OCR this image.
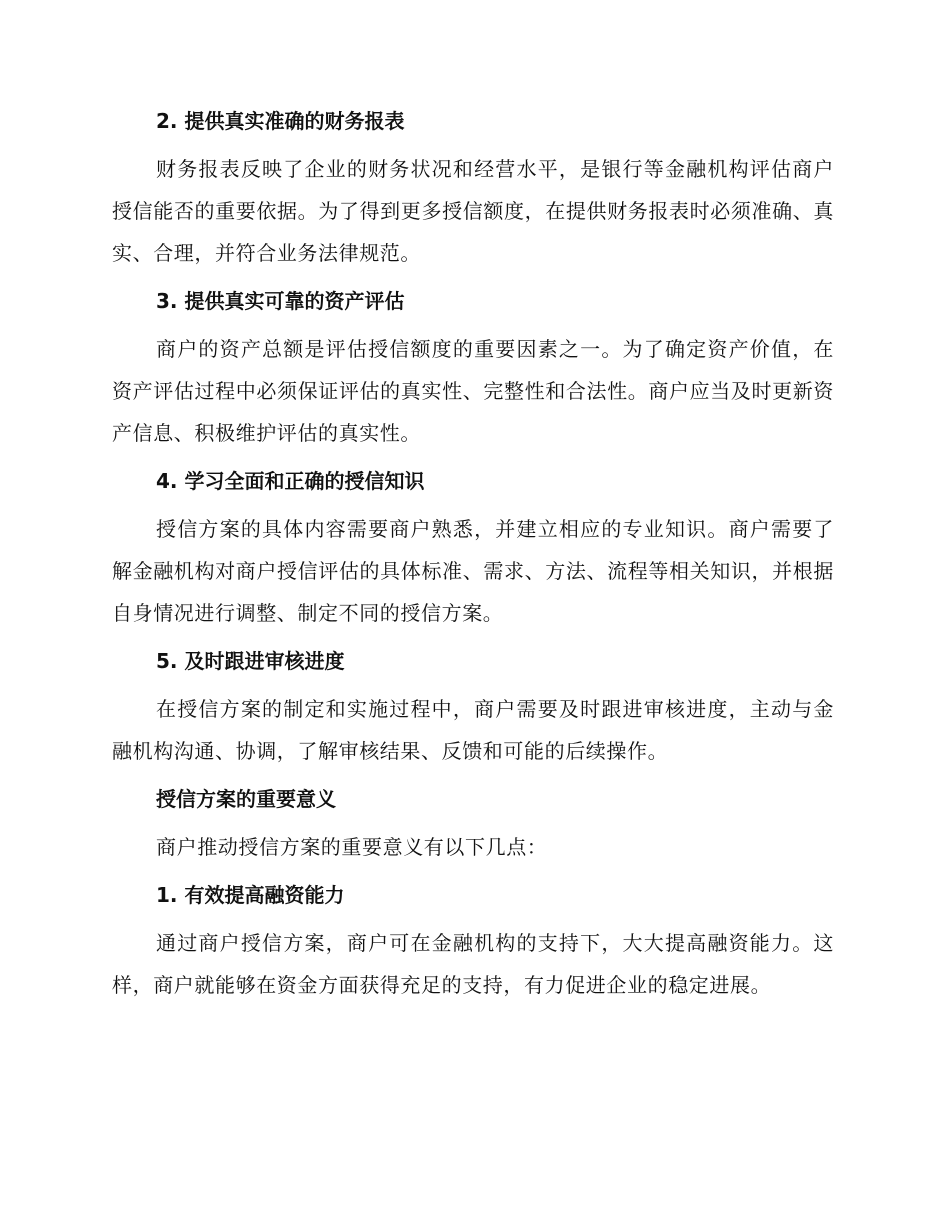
2. 提供真实准确的财务报表

财务报表反映了企业的财务状况和经营水平，是银行等金融机构评估商户授信能否的重要依据。为了得到更多授信额度，在提供财务报表时必须准确、真实、合理，并符合业务法律规范。

3. 提供真实可靠的资产评估

商户的资产总额是评估授信额度的重要因素之一。为了确定资产价值，在资产评估过程中必须保证评估的真实性、完整性和合法性。商户应当及时更新资产信息、积极维护评估的真实性。

4. 学习全面和正确的授信知识

授信方案的具体内容需要商户熟悉，并建立相应的专业知识。商户需要了解金融机构对商户授信评估的具体标准、需求、方法、流程等相关知识，并根据自身情况进行调整、制定不同的授信方案。

5. 及时跟进审核进度

在授信方案的制定和实施过程中，商户需要及时跟进审核进度，主动与金融机构沟通、协调，了解审核结果、反馈和可能的后续操作。

授信方案的重要意义

商户推动授信方案的重要意义有以下几点：

1. 有效提高融资能力

通过商户授信方案，商户可在金融机构的支持下，大大提高融资能力。这样，商户就能够在资金方面获得充足的支持，有力促进企业的稳定进展。
